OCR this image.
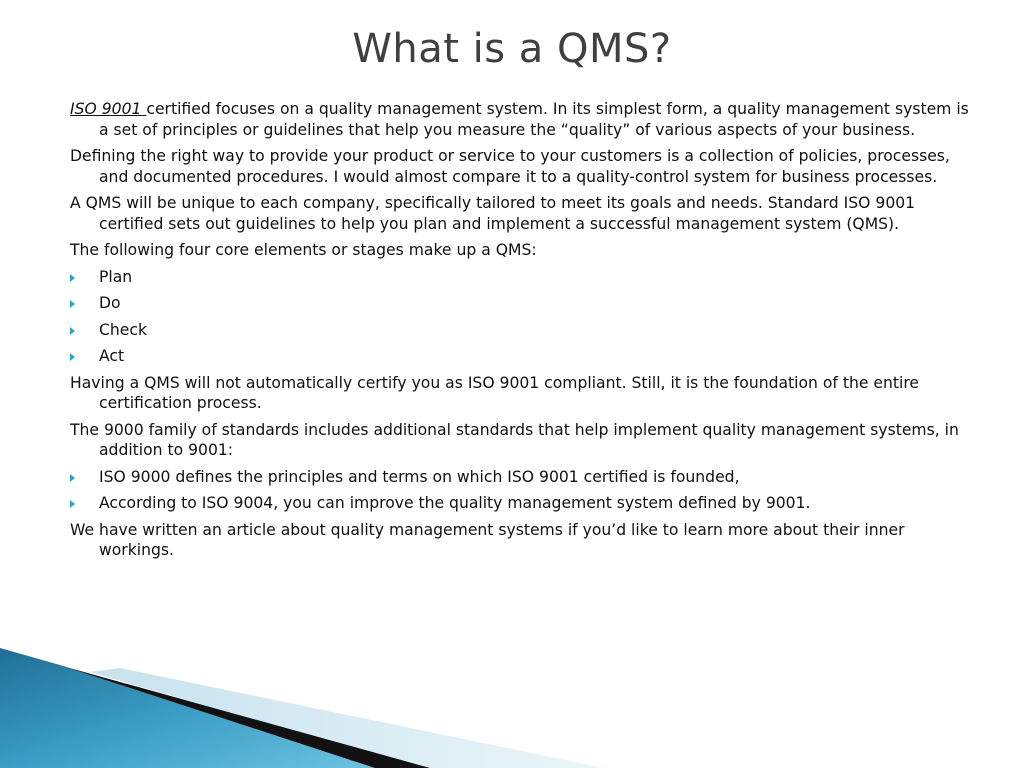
What is a QMS?

ISO 9001 certified focuses on a quality management system. In its simplest form, a quality management system is a set of principles or guidelines that help you measure the “quality” of various aspects of your business.

Defining the right way to provide your product or service to your customers is a collection of policies, processes, and documented procedures. I would almost compare it to a quality-control system for business processes.

A QMS will be unique to each company, specifically tailored to meet its goals and needs. Standard ISO 9001 certified sets out guidelines to help you plan and implement a successful management system (QMS).

The following four core elements or stages make up a QMS:

Plan
Do
Check
Act

Having a QMS will not automatically certify you as ISO 9001 compliant. Still, it is the foundation of the entire certification process.

The 9000 family of standards includes additional standards that help implement quality management systems, in addition to 9001:

ISO 9000 defines the principles and terms on which ISO 9001 certified is founded,
According to ISO 9004, you can improve the quality management system defined by 9001.

We have written an article about quality management systems if you’d like to learn more about their inner workings.
